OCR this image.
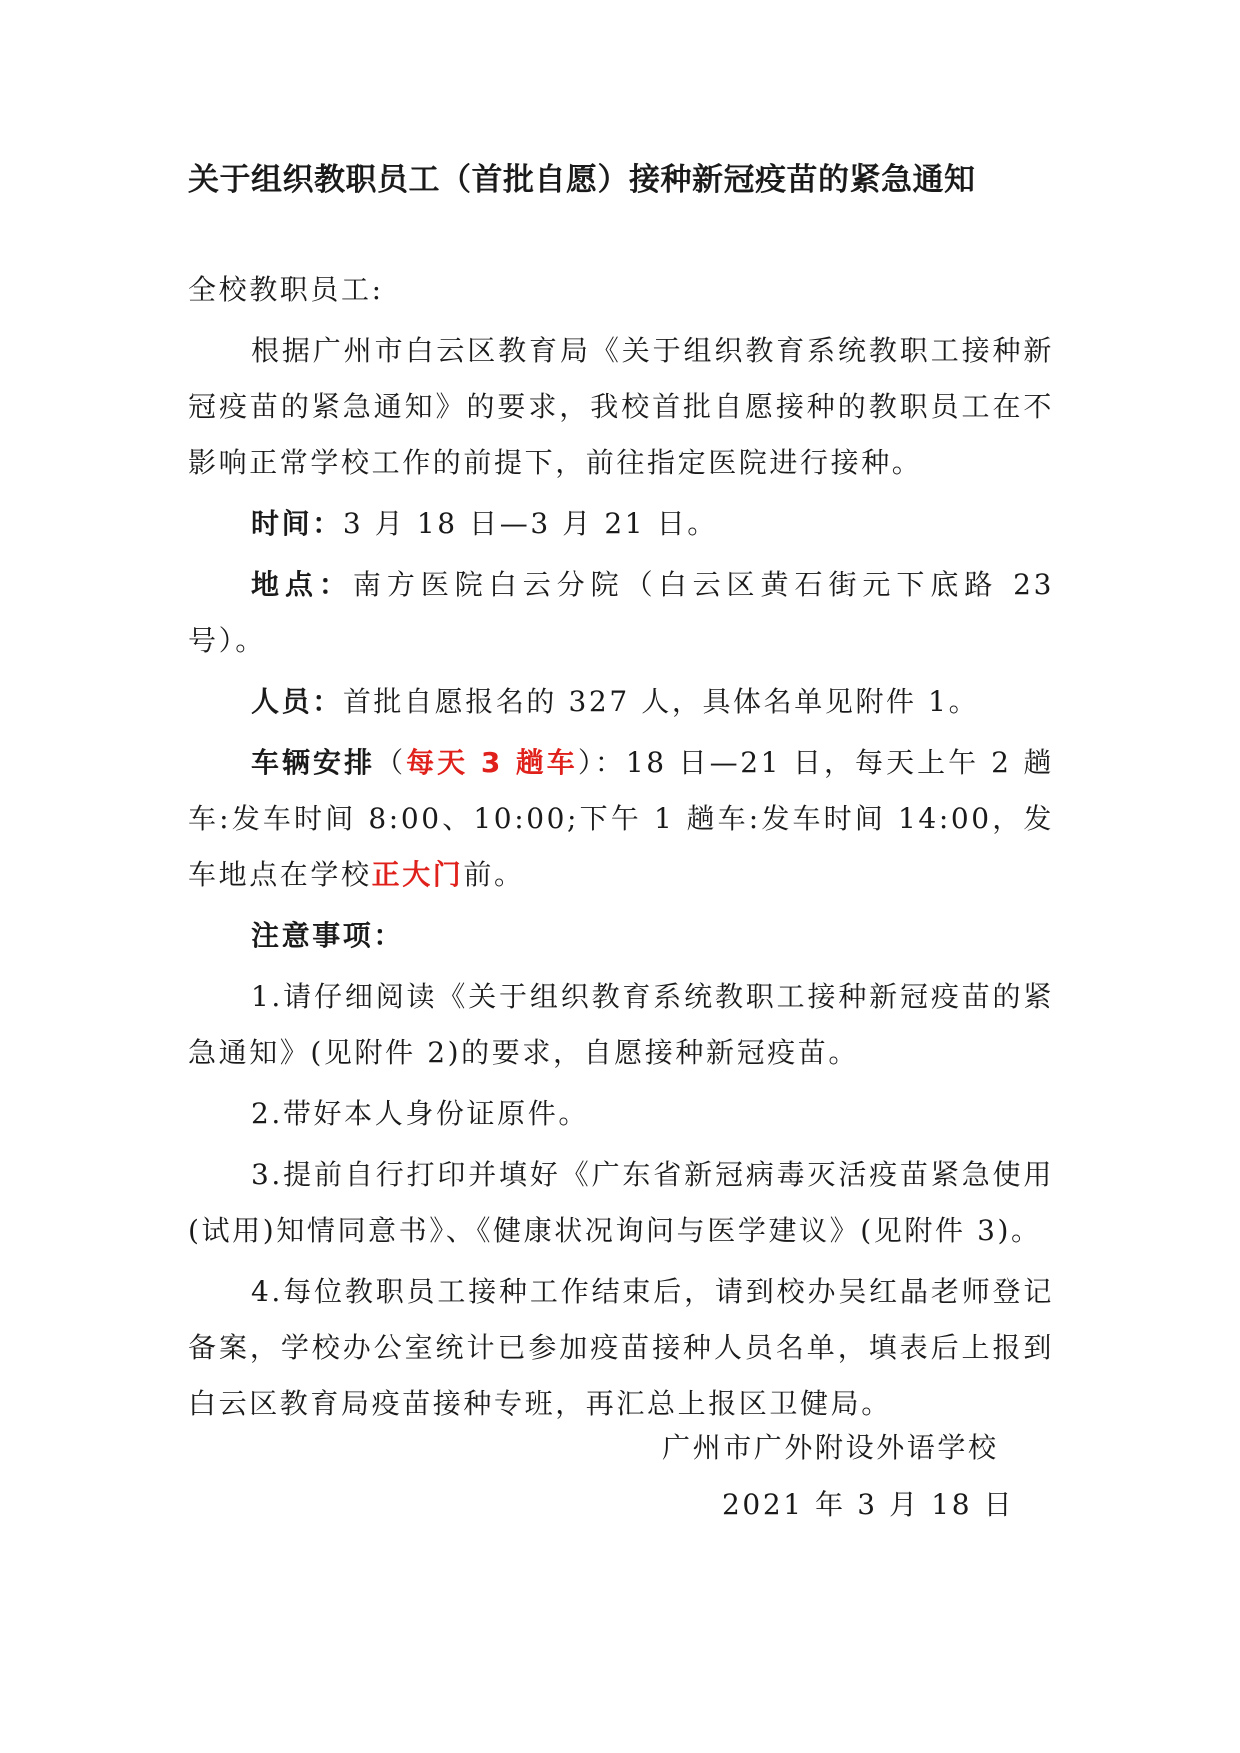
关于组织教职员工（首批自愿）接种新冠疫苗的紧急通知

全校教职员工:

根据广州市白云区教育局《关于组织教育系统教职工接种新冠疫苗的紧急通知》的要求，我校首批自愿接种的教职员工在不影响正常学校工作的前提下，前往指定医院进行接种。

时间：3 月 18 日—3 月 21 日。

地点：南方医院白云分院（白云区黄石街元下底路 23 号）。

人员：首批自愿报名的 327 人，具体名单见附件 1。

车辆安排（每天 3 趟车）：18 日—21 日，每天上午 2 趟车:发车时间 8:00、10:00;下午 1 趟车:发车时间 14:00，发车地点在学校正大门前。

注意事项：

1.请仔细阅读《关于组织教育系统教职工接种新冠疫苗的紧急通知》(见附件 2)的要求，自愿接种新冠疫苗。

2.带好本人身份证原件。

3.提前自行打印并填好《广东省新冠病毒灭活疫苗紧急使用(试用)知情同意书》、《健康状况询问与医学建议》(见附件 3)。

4.每位教职员工接种工作结束后，请到校办吴红晶老师登记备案，学校办公室统计已参加疫苗接种人员名单，填表后上报到白云区教育局疫苗接种专班，再汇总上报区卫健局。

广州市广外附设外语学校
2021 年 3 月 18 日
